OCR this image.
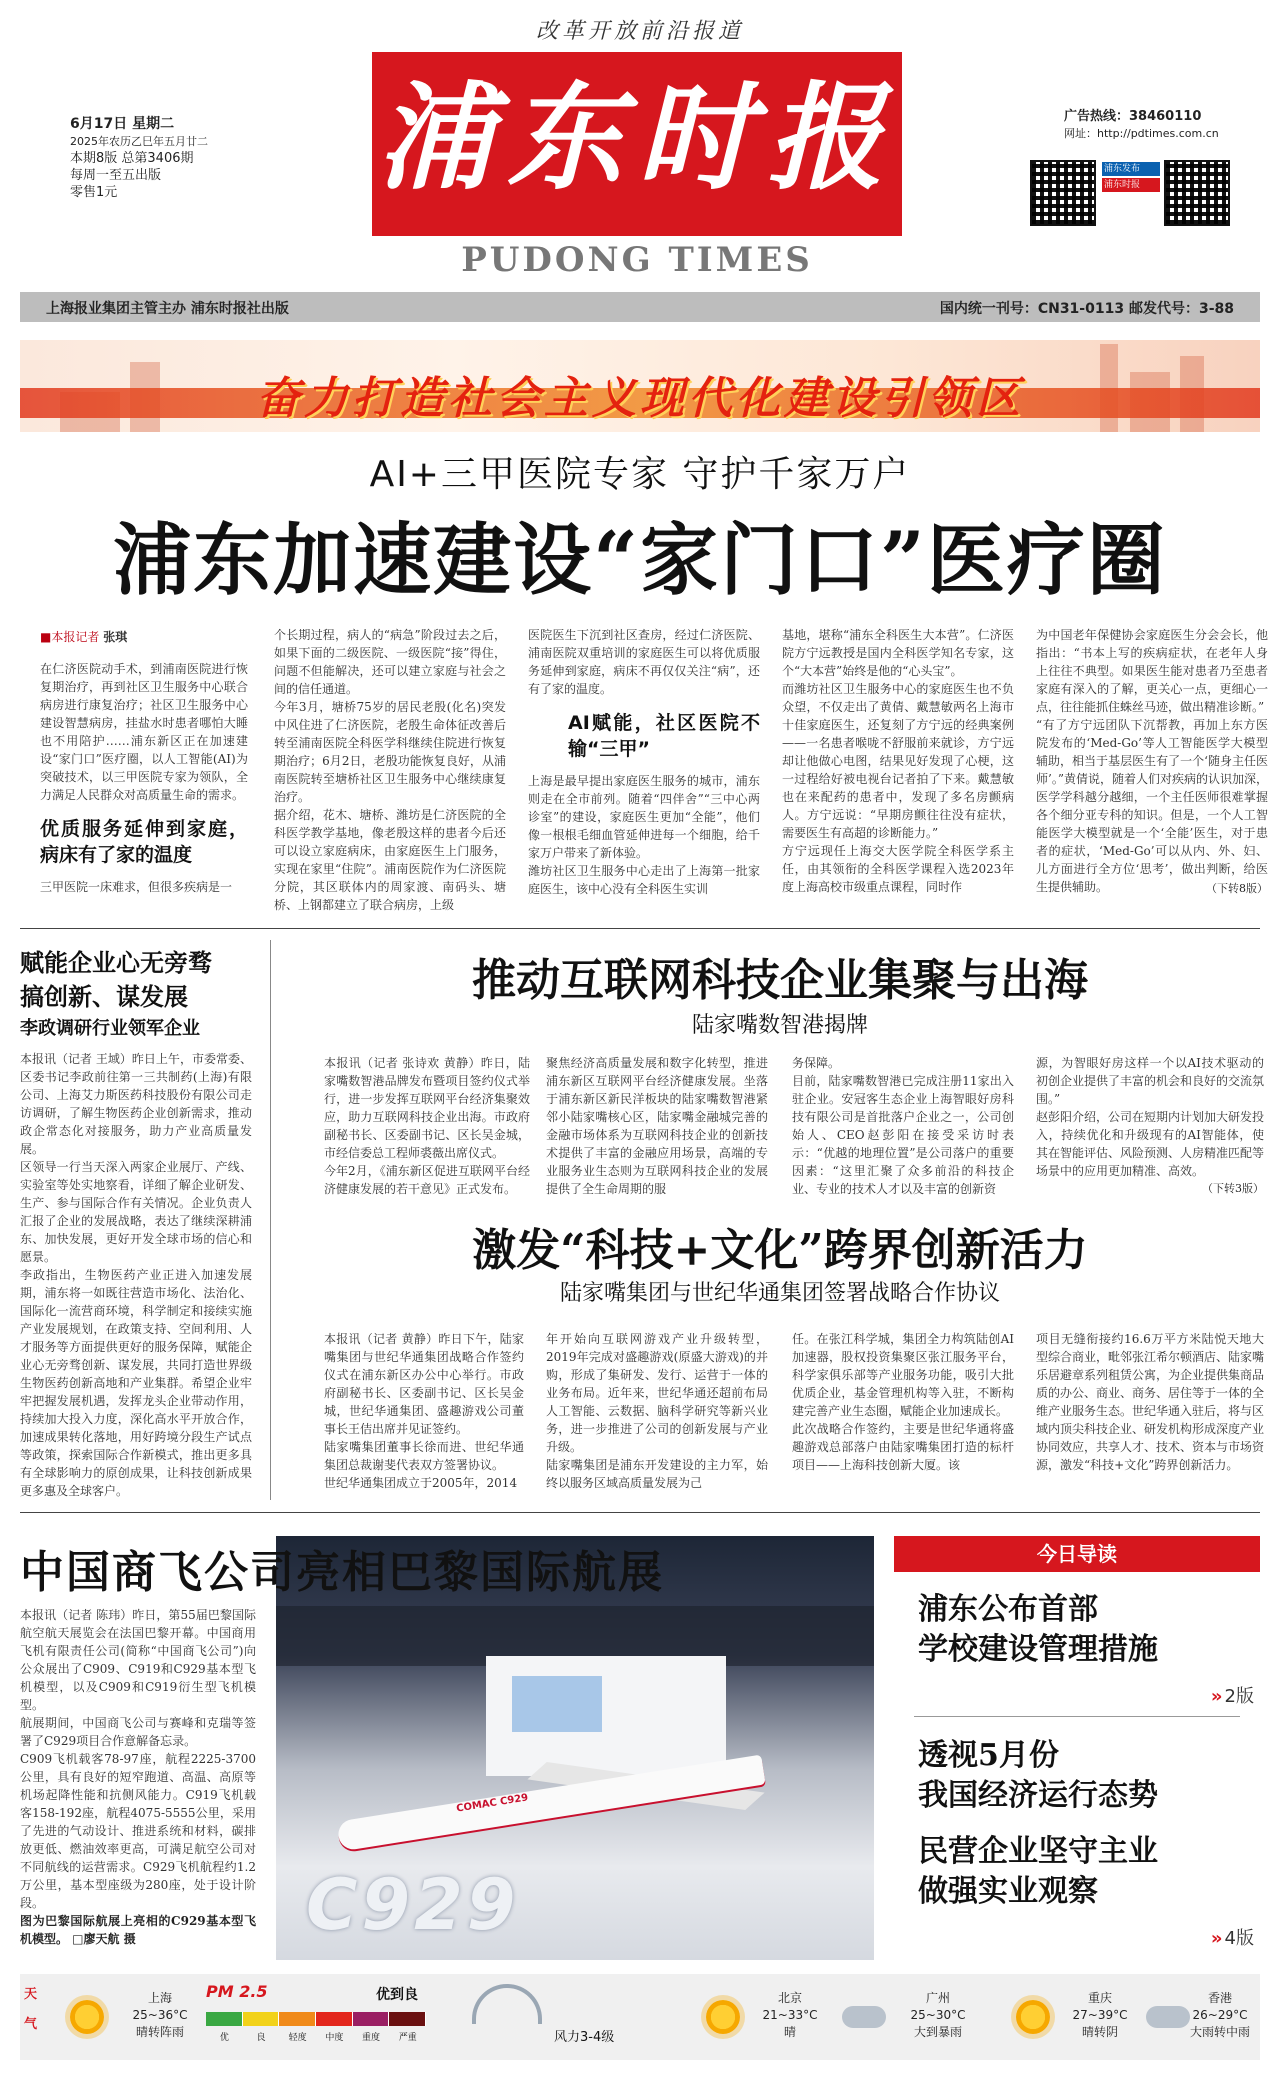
改革开放前沿报道
浦东时报
PUDONG TIMES
6月17日 星期二
2025年农历乙巳年五月廿二
本期8版 总第3406期
每周一至五出版
零售1元
广告热线：38460110
网址：http://pdtimes.com.cn
浦东发布
浦东时报
上海报业集团主管主办 浦东时报社出版	国内统一刊号：CN31-0113 邮发代号：3-88
奋力打造社会主义现代化建设引领区
AI+三甲医院专家 守护千家万户
浦东加速建设“家门口”医疗圈
■本报记者 张琪
在仁济医院动手术，到浦南医院进行恢复期治疗，再到社区卫生服务中心联合病房进行康复治疗；社区卫生服务中心建设智慧病房，挂盐水时患者哪怕大睡也不用陪护……浦东新区正在加速建设“家门口”医疗圈，以人工智能(AI)为突破技术，以三甲医院专家为领队，全力满足人民群众对高质量生命的需求。
优质服务延伸到家庭，病床有了家的温度
三甲医院一床难求，但很多疾病是一
个长期过程，病人的“病急”阶段过去之后，如果下面的二级医院、一级医院“接”得住，问题不但能解决，还可以建立家庭与社会之间的信任通道。
今年3月，塘桥75岁的居民老殷(化名)突发中风住进了仁济医院，老殷生命体征改善后转至浦南医院全科医学科继续住院进行恢复期治疗；6月2日，老殷功能恢复良好，从浦南医院转至塘桥社区卫生服务中心继续康复治疗。
据介绍，花木、塘桥、潍坊是仁济医院的全科医学教学基地，像老殷这样的患者今后还可以设立家庭病床，由家庭医生上门服务，实现在家里“住院”。浦南医院作为仁济医院分院，其区联体内的周家渡、南码头、塘桥、上钢都建立了联合病房，上级
医院医生下沉到社区查房，经过仁济医院、浦南医院双重培训的家庭医生可以将优质服务延伸到家庭，病床不再仅仅关注“病”，还有了家的温度。
AI赋能，社区医院不输“三甲”
上海是最早提出家庭医生服务的城市，浦东则走在全市前列。随着“四伴舍”“三中心两诊室”的建设，家庭医生更加“全能”，他们像一根根毛细血管延伸进每一个细胞，给千家万户带来了新体验。
潍坊社区卫生服务中心走出了上海第一批家庭医生，该中心没有全科医生实训
基地，堪称“浦东全科医生大本营”。仁济医院方宁远教授是国内全科医学知名专家，这个“大本营”始终是他的“心头宝”。
而潍坊社区卫生服务中心的家庭医生也不负众望，不仅走出了黄倩、戴慧敏两名上海市十佳家庭医生，还复刻了方宁远的经典案例——一名患者喉咙不舒服前来就诊，方宁远却让他做心电图，结果见好发现了心梗，这一过程给好被电视台记者拍了下来。戴慧敏也在来配药的患者中，发现了多名房颤病人。方宁远说：“早期房颤往往没有症状，需要医生有高超的诊断能力。”
方宁远现任上海交大医学院全科医学系主任，由其领衔的全科医学课程入选2023年度上海高校市级重点课程，同时作
为中国老年保健协会家庭医生分会会长，他指出：“书本上写的疾病症状，在老年人身上往往不典型。如果医生能对患者乃至患者家庭有深入的了解，更关心一点，更细心一点，往往能抓住蛛丝马迹，做出精准诊断。”
“有了方宁远团队下沉帮教，再加上东方医院发布的‘Med-Go’等人工智能医学大模型辅助，相当于基层医生有了一个‘随身主任医师’。”黄倩说，随着人们对疾病的认识加深，医学学科越分越细，一个主任医师很难掌握各个细分亚专科的知识。但是，一个人工智能医学大模型就是一个‘全能’医生，对于患者的症状，‘Med-Go’可以从内、外、妇、儿方面进行全方位‘思考’，做出判断，给医生提供辅助。	（下转8版）
赋能企业心无旁骛
搞创新、谋发展
李政调研行业领军企业
本报讯（记者 王域）昨日上午，市委常委、区委书记李政前往第一三共制药(上海)有限公司、上海艾力斯医药科技股份有限公司走访调研，了解生物医药企业创新需求，推动政企常态化对接服务，助力产业高质量发展。
区领导一行当天深入两家企业展厅、产线、实验室等处实地察看，详细了解企业研发、生产、参与国际合作有关情况。企业负责人汇报了企业的发展战略，表达了继续深耕浦东、加快发展，更好开发全球市场的信心和愿景。
李政指出，生物医药产业正进入加速发展期，浦东将一如既往营造市场化、法治化、国际化一流营商环境，科学制定和接续实施产业发展规划，在政策支持、空间利用、人才服务等方面提供更好的服务保障，赋能企业心无旁骛创新、谋发展，共同打造世界级生物医药创新高地和产业集群。希望企业牢牢把握发展机遇，发挥龙头企业带动作用，持续加大投入力度，深化高水平开放合作，加速成果转化落地，用好跨境分段生产试点等政策，探索国际合作新模式，推出更多具有全球影响力的原创成果，让科技创新成果更多惠及全球客户。
推动互联网科技企业集聚与出海
陆家嘴数智港揭牌
本报讯（记者 张诗欢 黄静）昨日，陆家嘴数智港品牌发布暨项目签约仪式举行，进一步发挥互联网平台经济集聚效应，助力互联网科技企业出海。市政府副秘书长、区委副书记、区长吴金城，市经信委总工程师裘薇出席仪式。
今年2月，《浦东新区促进互联网平台经济健康发展的若干意见》正式发布。
聚焦经济高质量发展和数字化转型，推进浦东新区互联网平台经济健康发展。坐落于浦东新区新民洋板块的陆家嘴数智港紧邻小陆家嘴核心区，陆家嘴金融城完善的金融市场体系为互联网科技企业的创新技术提供了丰富的金融应用场景，高端的专业服务业生态则为互联网科技企业的发展提供了全生命周期的服
务保障。
目前，陆家嘴数智港已完成注册11家出入驻企业。安冠客生态企业上海智眼好房科技有限公司是首批落户企业之一，公司创始人、CEO赵彭阳在接受采访时表示：“优越的地理位置”是公司落户的重要因素：“这里汇聚了众多前沿的科技企业、专业的技术人才以及丰富的创新资
源，为智眼好房这样一个以AI技术驱动的初创企业提供了丰富的机会和良好的交流氛围。”
赵彭阳介绍，公司在短期内计划加大研发投入，持续优化和升级现有的AI智能体，使其在智能评估、风险预测、人房精准匹配等场景中的应用更加精准、高效。
（下转3版）
激发“科技+文化”跨界创新活力
陆家嘴集团与世纪华通集团签署战略合作协议
本报讯（记者 黄静）昨日下午，陆家嘴集团与世纪华通集团战略合作签约仪式在浦东新区办公中心举行。市政府副秘书长、区委副书记、区长吴金城，世纪华通集团、盛趣游戏公司董事长王佶出席并见证签约。
陆家嘴集团董事长徐而进、世纪华通集团总裁谢斐代表双方签署协议。
世纪华通集团成立于2005年，2014
年开始向互联网游戏产业升级转型，2019年完成对盛趣游戏(原盛大游戏)的并购，形成了集研发、发行、运营于一体的业务布局。近年来，世纪华通还超前布局人工智能、云数据、脑科学研究等新兴业务，进一步推进了公司的创新发展与产业升级。
陆家嘴集团是浦东开发建设的主力军，始终以服务区域高质量发展为己
任。在张江科学城，集团全力构筑陆创AI加速器，股权投资集聚区张江服务平台，科学家俱乐部等产业服务功能，吸引大批优质企业，基金管理机构等入驻，不断构建完善产业生态圈，赋能企业加速成长。
此次战略合作签约，主要是世纪华通将盛趣游戏总部落户由陆家嘴集团打造的标杆项目——上海科技创新大厦。该
项目无缝衔接约16.6万平方米陆悦天地大型综合商业，毗邻张江希尔顿酒店、陆家嘴乐居避章系列租赁公寓，为企业提供集商品质的办公、商业、商务、居住等于一体的全维产业服务生态。世纪华通入驻后，将与区域内顶尖科技企业、研发机构形成深度产业协同效应，共享人才、技术、资本与市场资源，激发“科技+文化”跨界创新活力。
中国商飞公司亮相巴黎国际航展
本报讯（记者 陈玮）昨日，第55届巴黎国际航空航天展览会在法国巴黎开幕。中国商用飞机有限责任公司(简称“中国商飞公司”)向公众展出了C909、C919和C929基本型飞机模型，以及C909和C919衍生型飞机模型。
航展期间，中国商飞公司与赛峰和克瑞等签署了C929项目合作意解备忘录。
C909飞机载客78-97座，航程2225-3700公里，具有良好的短窄跑道、高温、高原等机场起降性能和抗侧风能力。C919飞机载客158-192座，航程4075-5555公里，采用了先进的气动设计、推进系统和材料，碳排放更低、燃油效率更高，可满足航空公司对不同航线的运营需求。C929飞机航程约1.2万公里，基本型座级为280座，处于设计阶段。
图为巴黎国际航展上亮相的C929基本型飞机模型。 □廖天航 摄
COMAC C929
C929
今日导读
浦东公布首部
学校建设管理措施
» 2版
透视5月份
我国经济运行态势
民营企业坚守主业
做强实业观察
» 4版
天气
上海
25~36°C
晴转阵雨
PM 2.5	优到良
优	良	轻度	中度	重度	严重	风力3-4级
北京
21~33°C
晴
广州
25~30°C
大到暴雨
重庆
27~39°C
晴转阴
香港
26~29°C
大雨转中雨
